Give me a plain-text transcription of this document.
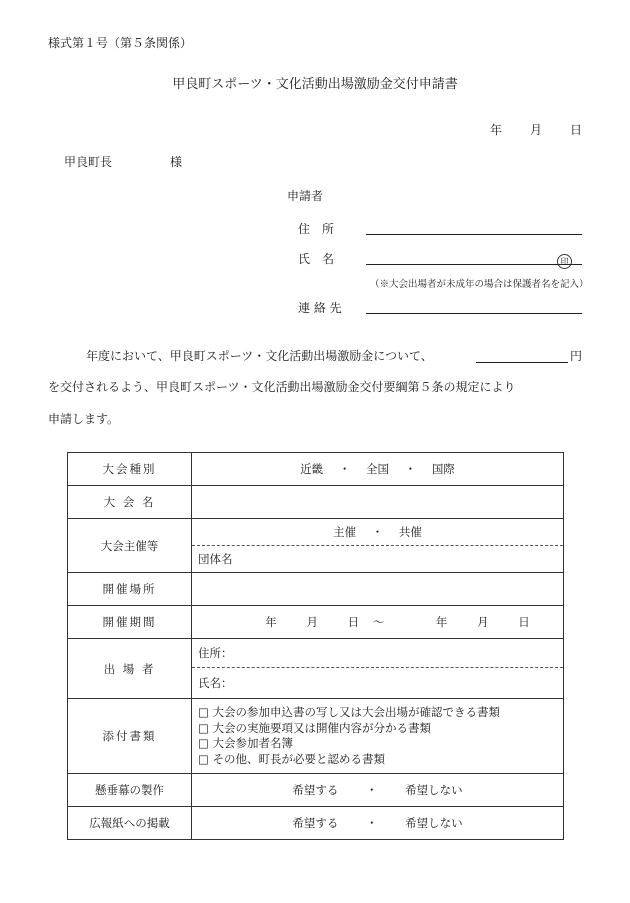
様式第１号（第５条関係）
甲良町スポーツ・文化活動出場激励金交付申請書
年 月 日
甲良町長	様
申請者
住　所
氏　名	印
（※大会出場者が未成年の場合は保護者名を記入）
連 絡 先
年度において、甲良町スポーツ・文化活動出場激励金について、	円
を交付されるよう、甲良町スポーツ・文化活動出場激励金交付要綱第５条の規定により
申請します。
大会種別	近畿 ・ 全国 ・ 国際
大 会 名	
大会主催等	主催 ・ 共催
	団体名
開催場所	
開催期間	年 月 日 ～ 年 月 日
出 場 者	住所：
	氏名：
添付書類	□ 大会の参加申込書の写し又は大会出場が確認できる書類
□ 大会の実施要項又は開催内容が分かる書類
□ 大会参加者名簿
□ その他、町長が必要と認める書類

懸垂幕の製作	希望する ・ 希望しない
広報紙への掲載	希望する ・ 希望しない
